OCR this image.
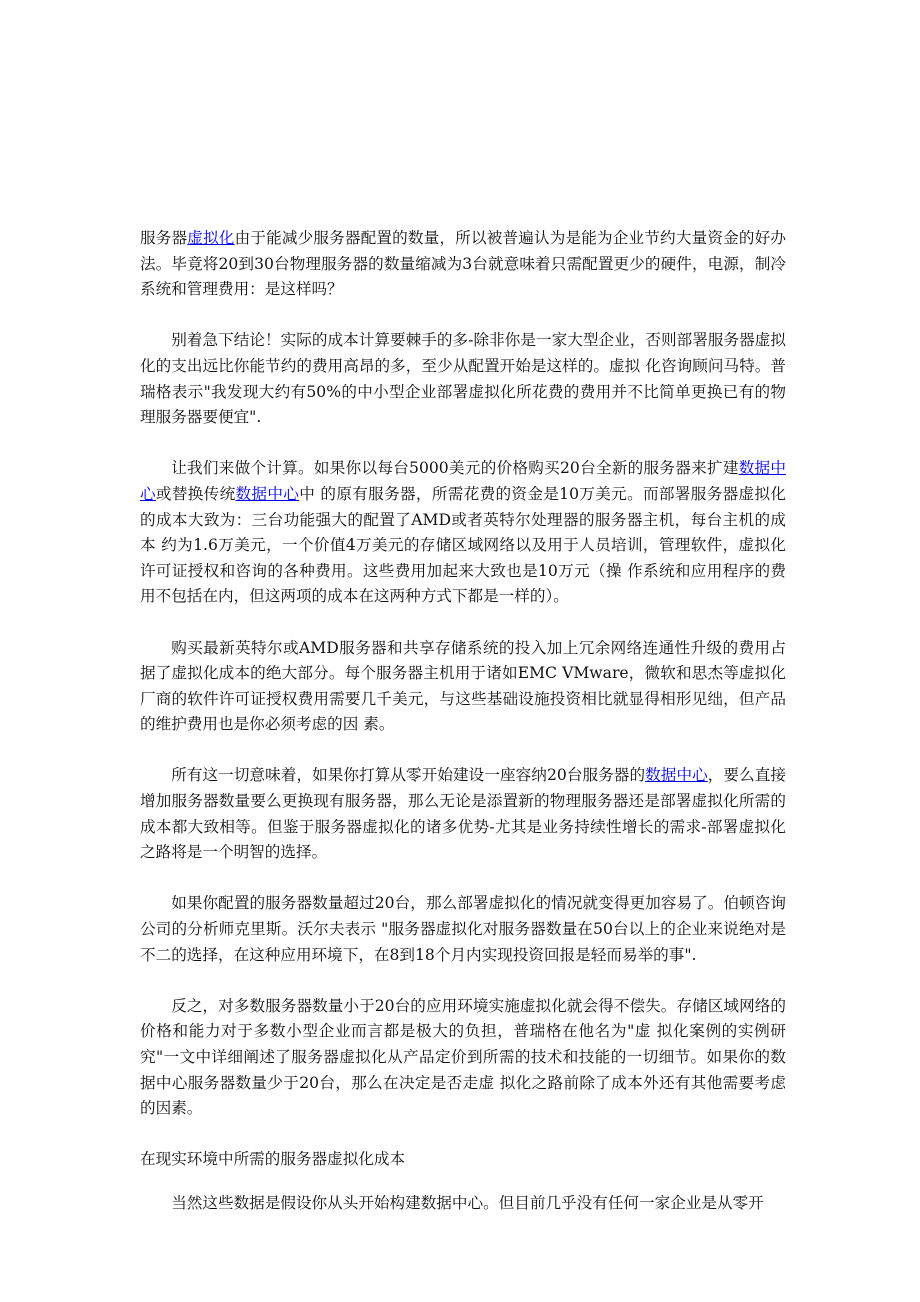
服务器虚拟化由于能减少服务器配置的数量，所以被普遍认为是能为企业节约大量资金的好办法。毕竟将20到30台物理服务器的数量缩减为3台就意味着只需配置更少的硬件，电源，制冷系统和管理费用：是这样吗？

别着急下结论！实际的成本计算要棘手的多-除非你是一家大型企业，否则部署服务器虚拟化的支出远比你能节约的费用高昂的多，至少从配置开始是这样的。虚拟 化咨询顾问马特。普瑞格表示"我发现大约有50%的中小型企业部署虚拟化所花费的费用并不比简单更换已有的物理服务器要便宜".

让我们来做个计算。如果你以每台5000美元的价格购买20台全新的服务器来扩建数据中心或替换传统数据中心中 的原有服务器，所需花费的资金是10万美元。而部署服务器虚拟化的成本大致为：三台功能强大的配置了AMD或者英特尔处理器的服务器主机，每台主机的成本 约为1.6万美元，一个价值4万美元的存储区域网络以及用于人员培训，管理软件，虚拟化许可证授权和咨询的各种费用。这些费用加起来大致也是10万元（操 作系统和应用程序的费用不包括在内，但这两项的成本在这两种方式下都是一样的）。

购买最新英特尔或AMD服务器和共享存储系统的投入加上冗余网络连通性升级的费用占据了虚拟化成本的绝大部分。每个服务器主机用于诸如EMC VMware，微软和思杰等虚拟化厂商的软件许可证授权费用需要几千美元，与这些基础设施投资相比就显得相形见绌，但产品的维护费用也是你必须考虑的因 素。

所有这一切意味着，如果你打算从零开始建设一座容纳20台服务器的数据中心，要么直接增加服务器数量要么更换现有服务器，那么无论是添置新的物理服务器还是部署虚拟化所需的成本都大致相等。但鉴于服务器虚拟化的诸多优势-尤其是业务持续性增长的需求-部署虚拟化之路将是一个明智的选择。

如果你配置的服务器数量超过20台，那么部署虚拟化的情况就变得更加容易了。伯顿咨询公司的分析师克里斯。沃尔夫表示 "服务器虚拟化对服务器数量在50台以上的企业来说绝对是不二的选择，在这种应用环境下，在8到18个月内实现投资回报是轻而易举的事".

反之，对多数服务器数量小于20台的应用环境实施虚拟化就会得不偿失。存储区域网络的价格和能力对于多数小型企业而言都是极大的负担，普瑞格在他名为"虚 拟化案例的实例研究"一文中详细阐述了服务器虚拟化从产品定价到所需的技术和技能的一切细节。如果你的数据中心服务器数量少于20台，那么在决定是否走虚 拟化之路前除了成本外还有其他需要考虑的因素。

在现实环境中所需的服务器虚拟化成本

当然这些数据是假设你从头开始构建数据中心。但目前几乎没有任何一家企业是从零开
